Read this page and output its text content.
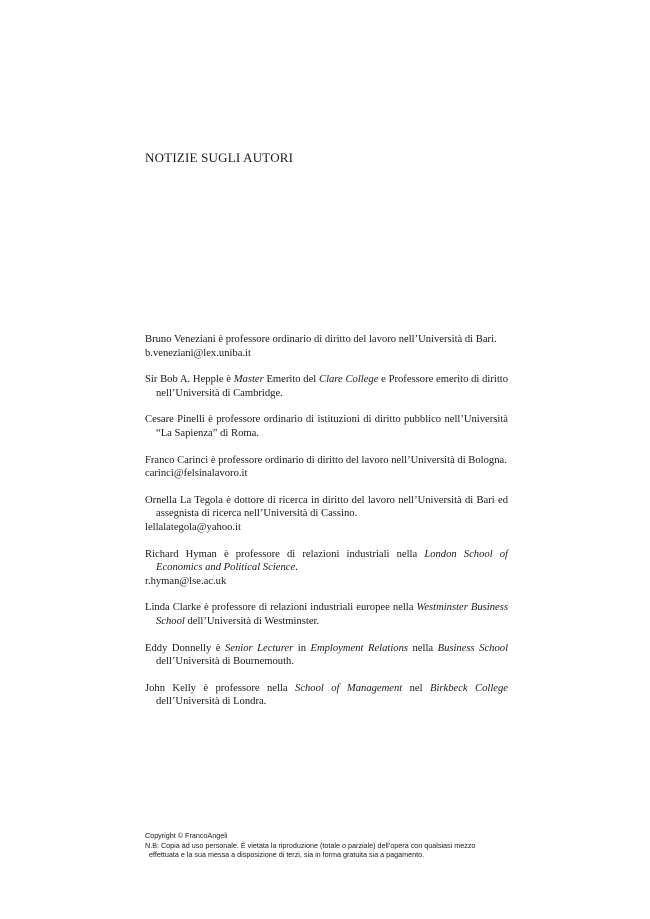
NOTIZIE SUGLI AUTORI
Bruno Veneziani è professore ordinario di diritto del lavoro nell’Università di Bari.
b.veneziani@lex.uniba.it
Sir Bob A. Hepple è Master Emerito del Clare College e Professore emerito di diritto nell’Università di Cambridge.
Cesare Pinelli è professore ordinario di istituzioni di diritto pubblico nell’Università “La Sapienza” di Roma.
Franco Carinci è professore ordinario di diritto del lavoro nell’Università di Bologna.
carinci@felsinalavoro.it
Ornella La Tegola è dottore di ricerca in diritto del lavoro nell’Università di Bari ed assegnista di ricerca nell’Università di Cassino.
lellalategola@yahoo.it
Richard Hyman è professore di relazioni industriali nella London School of Economics and Political Science.
r.hyman@lse.ac.uk
Linda Clarke è professore di relazioni industriali europee nella Westminster Business School dell’Università di Westminster.
Eddy Donnelly è Senior Lecturer in Employment Relations nella Business School dell’Università di Bournemouth.
John Kelly è professore nella School of Management nel Birkbeck College dell’Università di Londra.
Copyright © FrancoAngeli
N.B: Copia ad uso personale. È vietata la riproduzione (totale o parziale) dell’opera con qualsiasi mezzo
effettuata e la sua messa a disposizione di terzi, sia in forma gratuita sia a pagamento.
